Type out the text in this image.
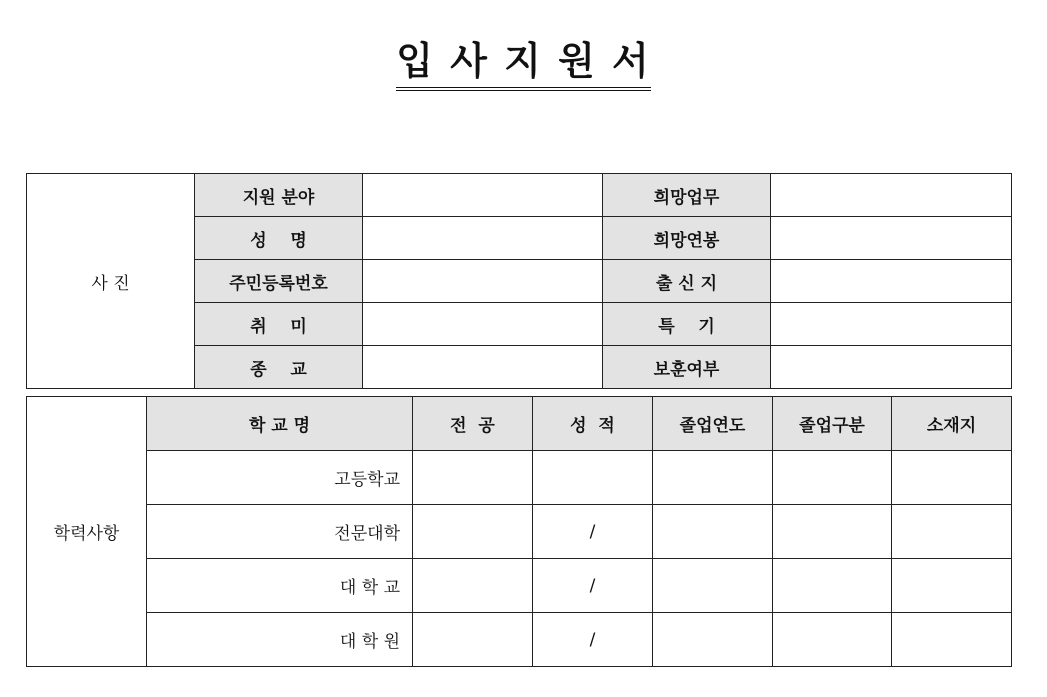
입 사 지 원 서
사 진	지원 분야		희망업무	
	성    명		희망연봉	
	주민등록번호		출 신 지	
	취    미		특    기	
	종    교		보훈여부	
학력사항	학 교 명	전  공	성  적	졸업연도	졸업구분	소재지
	고등학교					
	전문대학		/			
	대 학 교		/			
	대 학 원		/			
